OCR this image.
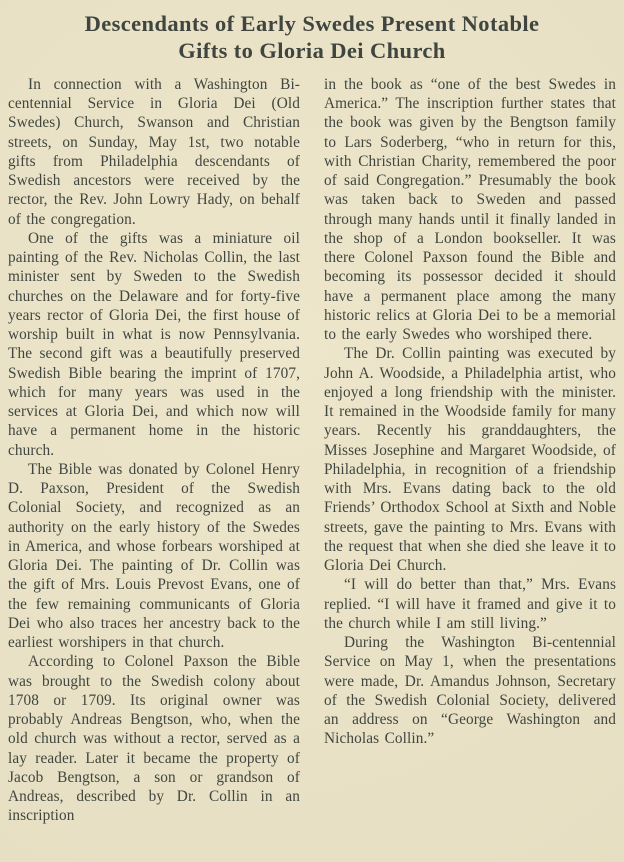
Descendants of Early Swedes Present Notable
Gifts to Gloria Dei Church

In connection with a Washington Bi-centennial Service in Gloria Dei (Old Swedes) Church, Swanson and Christian streets, on Sunday, May 1st, two notable gifts from Philadelphia descendants of Swedish ancestors were received by the rector, the Rev. John Lowry Hady, on behalf of the congregation.

One of the gifts was a miniature oil painting of the Rev. Nicholas Collin, the last minister sent by Sweden to the Swedish churches on the Delaware and for forty-five years rector of Gloria Dei, the first house of worship built in what is now Pennsylvania. The second gift was a beautifully preserved Swedish Bible bearing the imprint of 1707, which for many years was used in the services at Gloria Dei, and which now will have a permanent home in the historic church.

The Bible was donated by Colonel Henry D. Paxson, President of the Swedish Colonial Society, and recognized as an authority on the early history of the Swedes in America, and whose forbears worshiped at Gloria Dei. The painting of Dr. Collin was the gift of Mrs. Louis Prevost Evans, one of the few remaining communicants of Gloria Dei who also traces her ancestry back to the earliest worshipers in that church.

According to Colonel Paxson the Bible was brought to the Swedish colony about 1708 or 1709. Its original owner was probably Andreas Bengtson, who, when the old church was without a rector, served as a lay reader. Later it became the property of Jacob Bengtson, a son or grandson of Andreas, described by Dr. Collin in an inscription

in the book as “one of the best Swedes in America.” The inscription further states that the book was given by the Bengtson family to Lars Soderberg, “who in return for this, with Christian Charity, remembered the poor of said Congregation.” Presumably the book was taken back to Sweden and passed through many hands until it finally landed in the shop of a London bookseller. It was there Colonel Paxson found the Bible and becoming its possessor decided it should have a permanent place among the many historic relics at Gloria Dei to be a memorial to the early Swedes who worshiped there.

The Dr. Collin painting was executed by John A. Woodside, a Philadelphia artist, who enjoyed a long friendship with the minister. It remained in the Woodside family for many years. Recently his granddaughters, the Misses Josephine and Margaret Woodside, of Philadelphia, in recognition of a friendship with Mrs. Evans dating back to the old Friends’ Orthodox School at Sixth and Noble streets, gave the painting to Mrs. Evans with the request that when she died she leave it to Gloria Dei Church.

“I will do better than that,” Mrs. Evans replied. “I will have it framed and give it to the church while I am still living.”

During the Washington Bi-centennial Service on May 1, when the presentations were made, Dr. Amandus Johnson, Secretary of the Swedish Colonial Society, delivered an address on “George Washington and Nicholas Collin.”
